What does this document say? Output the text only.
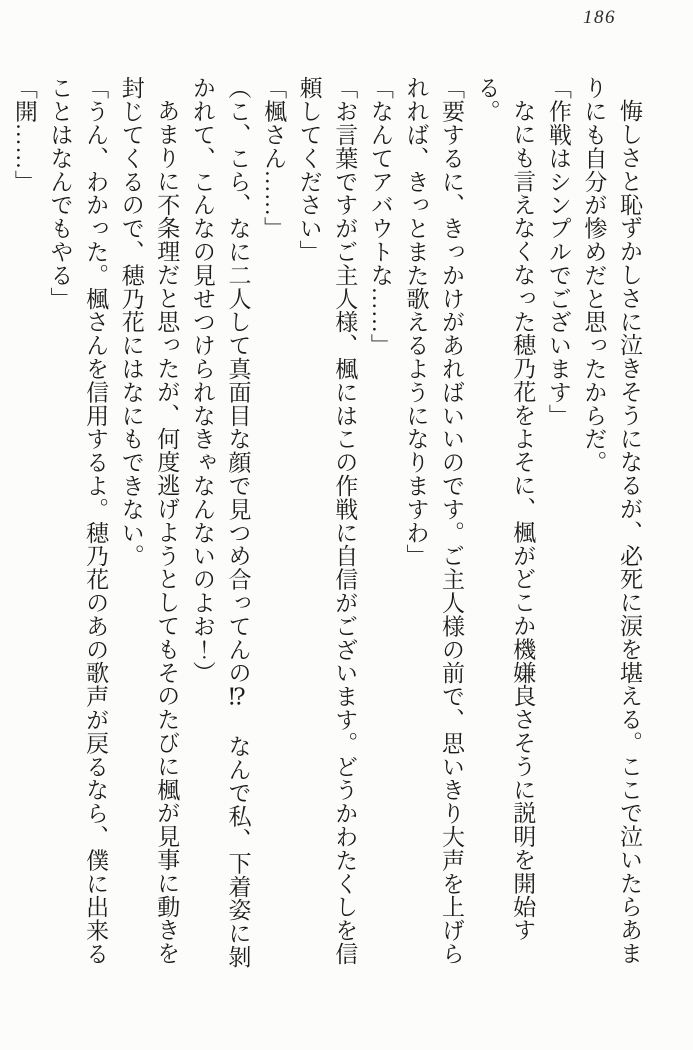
186
悔しさと恥ずかしさに泣きそうになるが、必死に涙を堪える。ここで泣いたらあま
りにも自分が惨めだと思ったからだ。
「作戦はシンプルでございます」
なにも言えなくなった穂乃花をよそに、楓がどこか機嫌良さそうに説明を開始する。
「要するに、きっかけがあればいいのです。ご主人様の前で、思いきり大声を上げら
れれば、きっとまた歌えるようになりますわ」
「なんてアバウトな……」
「お言葉ですがご主人様、楓にはこの作戦に自信がございます。どうかわたくしを信
頼してください」
「楓さん……」
（こ、こら、なに二人して真面目な顔で見つめ合ってんの⁉　なんで私、下着姿に剝
かれて、こんなの見せつけられなきゃなんないのよお！）
あまりに不条理だと思ったが、何度逃げようとしてもそのたびに楓が見事に動きを
封じてくるので、穂乃花にはなにもできない。
「うん、わかった。楓さんを信用するよ。穂乃花のあの歌声が戻るなら、僕に出来る
ことはなんでもやる」
「開……」
